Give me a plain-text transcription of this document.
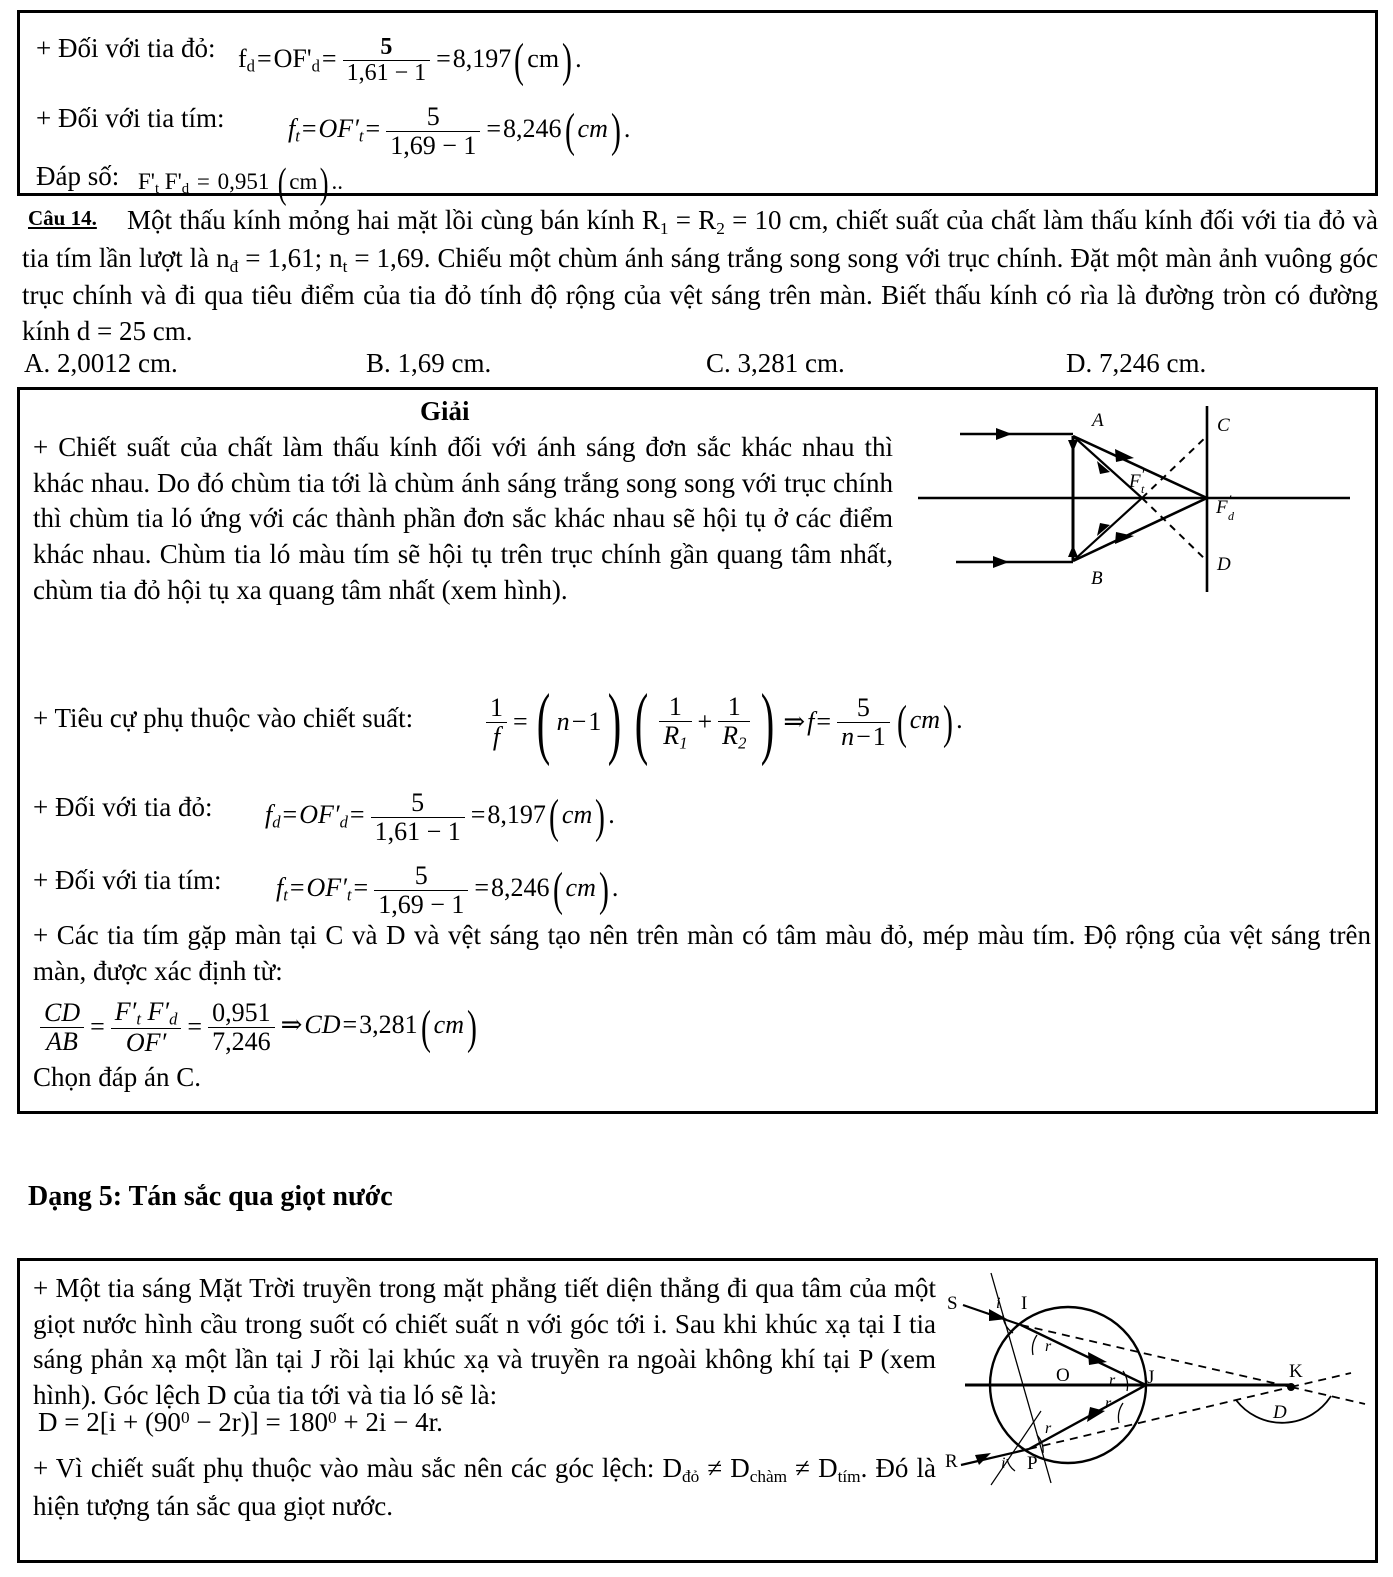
+ Đối với tia đỏ: $f_d=OF'_d= \frac{5}{1,61 - 1} =8,197$( cm) .
+ Đối với tia tím: $f_t=OF'_t= \frac{5}{1,69 - 1} =8,246$( cm) .
Đáp số: $F'_t$ $F'_d = 0,951$ ( cm) ..
Câu 14.	Một thấu kính mỏng hai mặt lồi cùng bán kính $R_1 = R_2 = 10$ cm, chiết suất của chất làm thấu kính đối với tia đỏ và tia tím lần lượt là $n_đ = 1,61$; $n_t = 1,69$. Chiếu một chùm ánh sáng trắng song song với trục chính. Đặt một màn ảnh vuông góc trục chính và đi qua tiêu điểm của tia đỏ tính độ rộng của vệt sáng trên màn. Biết thấu kính có rìa là đường tròn có đường kính d = 25 cm.
A. 2,0012 cm.	B. 1,69 cm.	C. 3,281 cm.	D. 7,246 cm.
Giải
+ Chiết suất của chất làm thấu kính đối với ánh sáng đơn sắc khác nhau thì khác nhau. Do đó chùm tia tới là chùm ánh sáng trắng song song với trục chính thì chùm tia ló ứng với các thành phần đơn sắc khác nhau sẽ hội tụ ở các điểm khác nhau. Chùm tia ló màu tím sẽ hội tụ trên trục chính gần quang tâm nhất, chùm tia đỏ hội tụ xa quang tâm nhất (xem hình).
+ Tiêu cự phụ thuộc vào chiết suất:	$\frac{1}{f}$ = ( n−1) ( $\frac{1}{R_1} + \frac{1}{R_2}$ ) ⇒f= $\frac{5}{n-1}$ ( cm) .
+ Đối với tia đỏ: $f_d=OF'_d= \frac{5}{1,61 - 1} =8,197$( cm) .
+ Đối với tia tím: $f_t=OF'_t= \frac{5}{1,69 - 1} =8,246$( cm) .
+ Các tia tím gặp màn tại C và D và vệt sáng tạo nên trên màn có tâm màu đỏ, mép màu tím. Độ rộng của vệt sáng trên màn, được xác định từ:
$\frac{CD}{AB} = \frac{F'_t F'_d}{OF'} = \frac{0,951}{7,246}$ ⇒CD=3,281( cm)
Chọn đáp án C.
A
B
C
D
F t
′
F d
′
Dạng 5: Tán sắc qua giọt nước
+ Một tia sáng Mặt Trời truyền trong mặt phẳng tiết diện thẳng đi qua tâm của một giọt nước hình cầu trong suốt có chiết suất n với góc tới i. Sau khi khúc xạ tại I tia sáng phản xạ một lần tại J rồi lại khúc xạ và truyền ra ngoài không khí tại P (xem hình). Góc lệch D của tia tới và tia ló sẽ là:
$D = 2[i + (90^0 - 2r)] = 180^0 + 2i - 4r$.
+ Vì chiết suất phụ thuộc vào màu sắc nên các góc lệch: $D_{đỏ} \ne D_{chàm} \ne D_{tím}$. Đó là hiện tượng tán sắc qua giọt nước.
S	I
O	J	K
P
R
D
i
i
r
r
r
r
